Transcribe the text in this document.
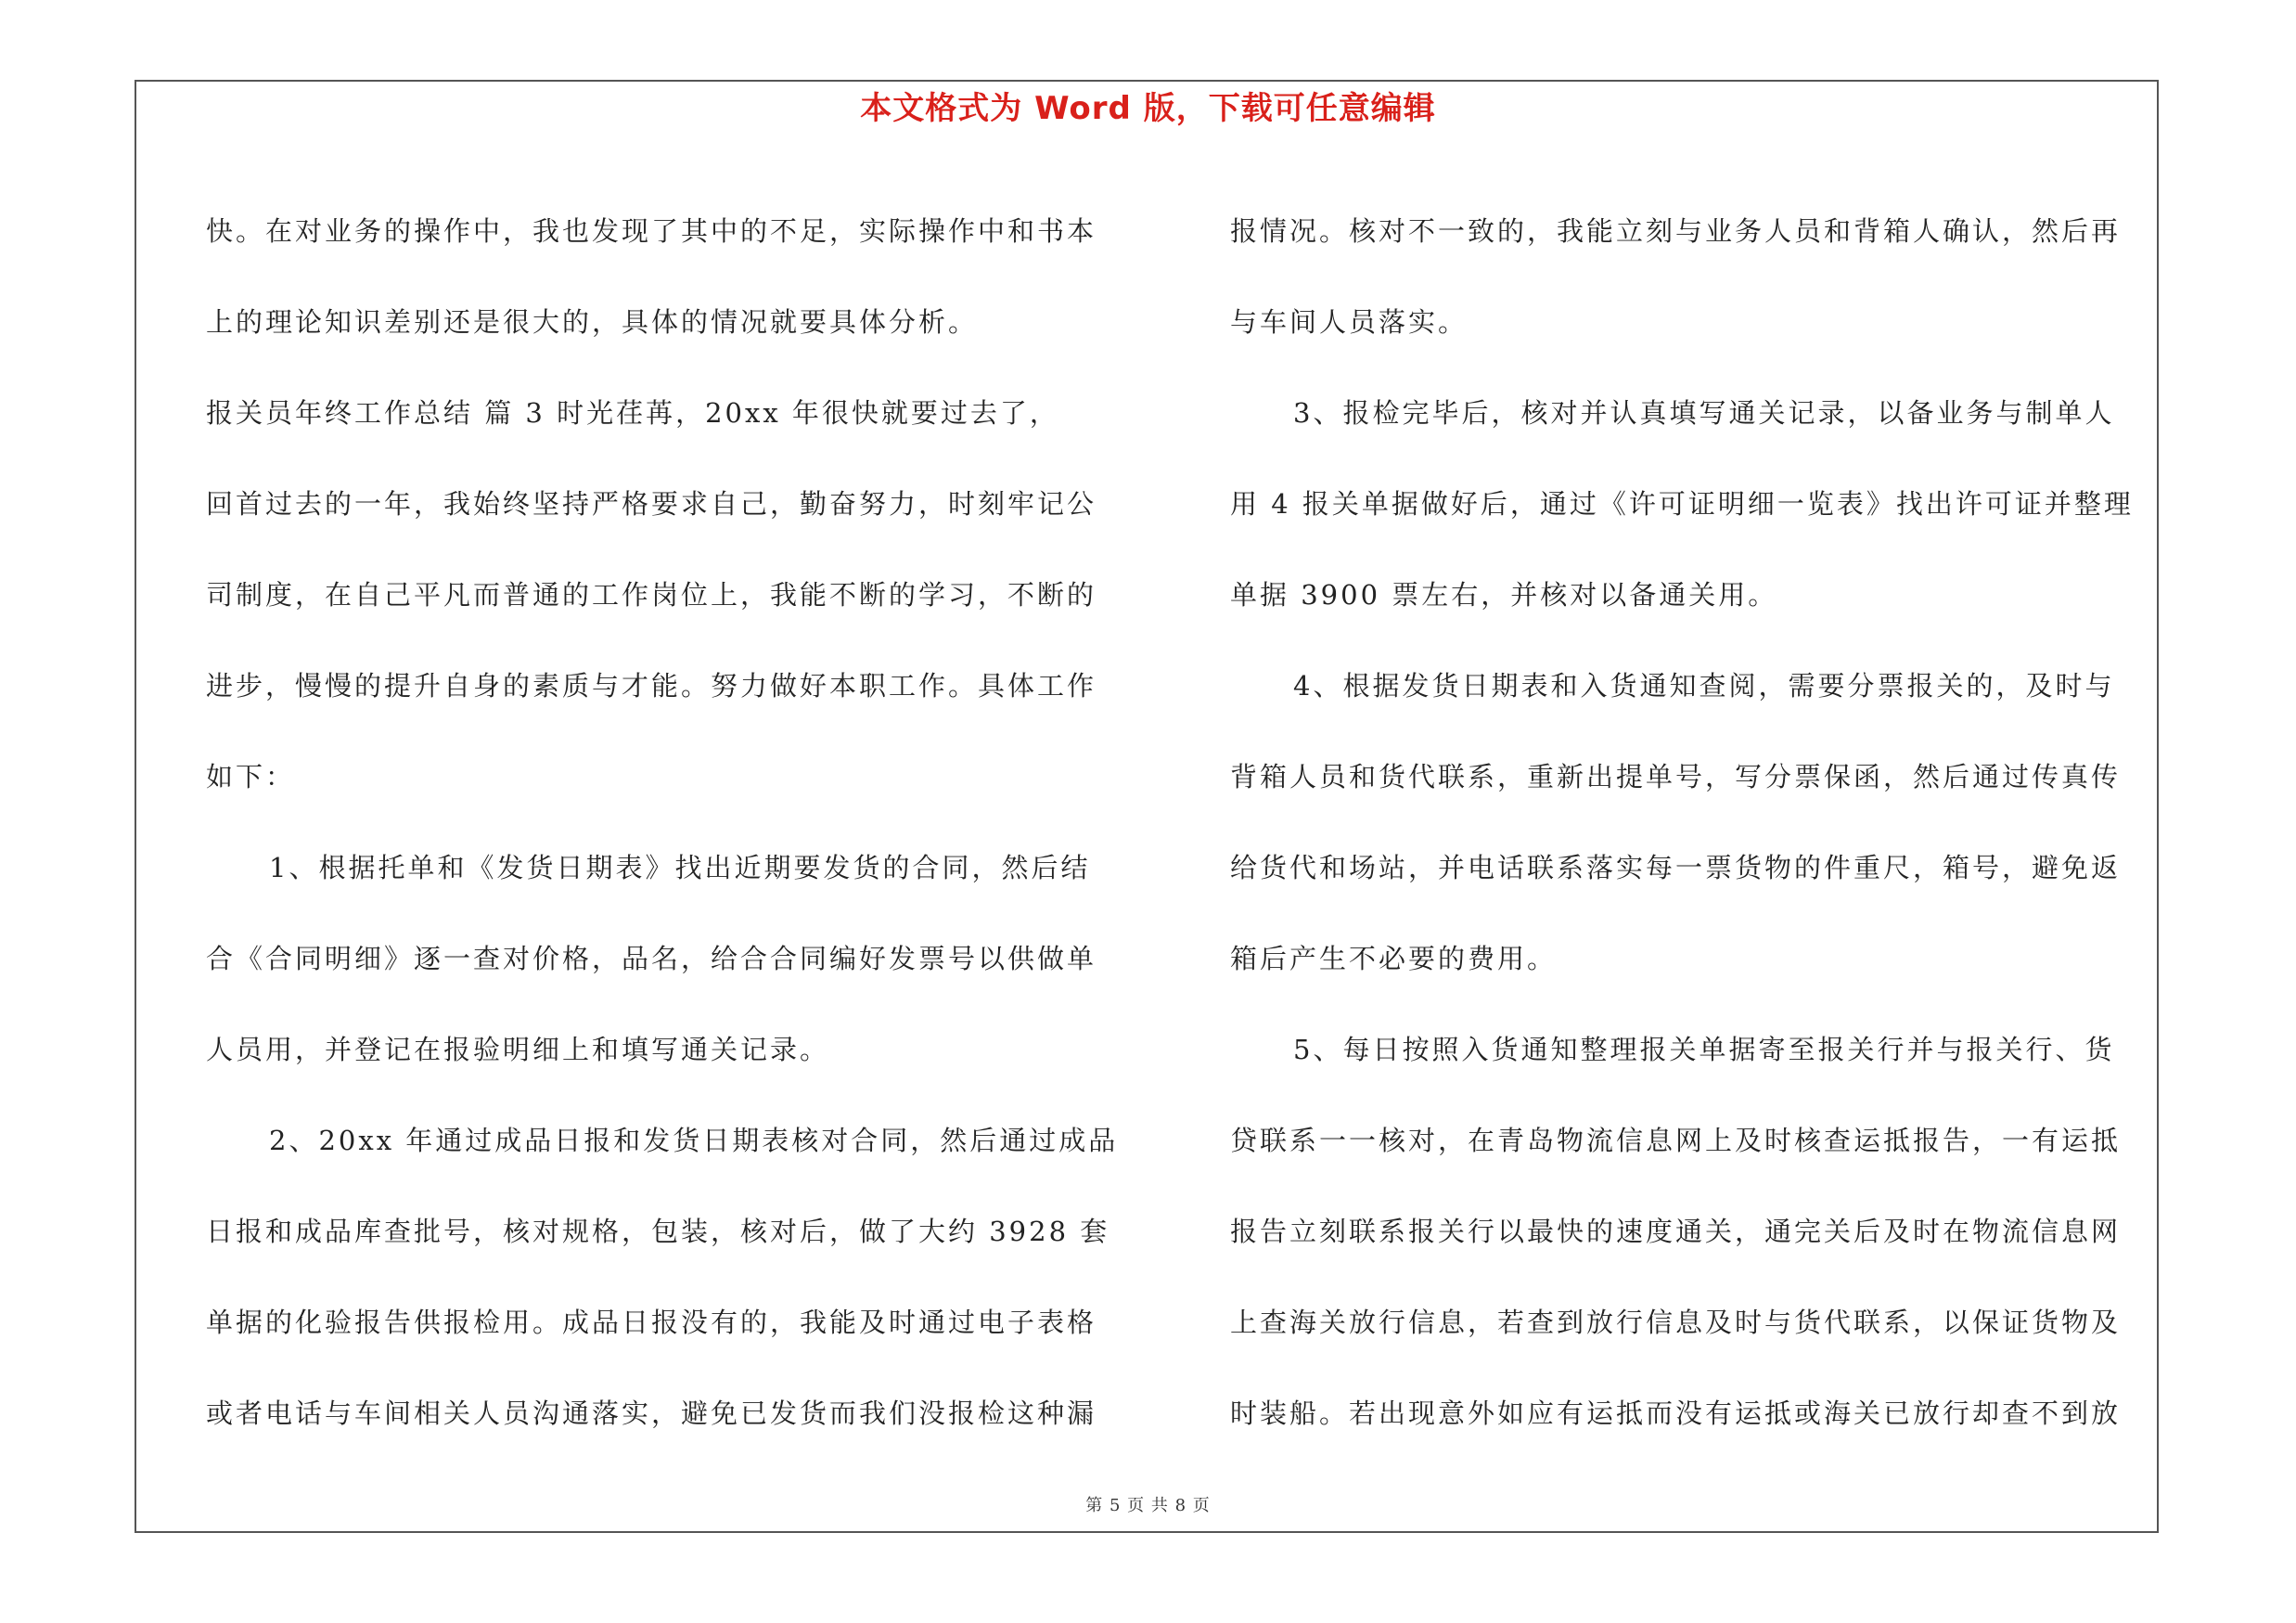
本文格式为 Word 版，下载可任意编辑
快。在对业务的操作中，我也发现了其中的不足，实际操作中和书本
上的理论知识差别还是很大的，具体的情况就要具体分析。
报关员年终工作总结 篇 3 时光荏苒，20xx 年很快就要过去了，
回首过去的一年，我始终坚持严格要求自己，勤奋努力，时刻牢记公
司制度，在自己平凡而普通的工作岗位上，我能不断的学习，不断的
进步，慢慢的提升自身的素质与才能。努力做好本职工作。具体工作
如下：
1、根据托单和《发货日期表》找出近期要发货的合同，然后结
合《合同明细》逐一查对价格，品名，给合合同编好发票号以供做单
人员用，并登记在报验明细上和填写通关记录。
2、20xx 年通过成品日报和发货日期表核对合同，然后通过成品
日报和成品库查批号，核对规格，包装，核对后，做了大约 3928 套
单据的化验报告供报检用。成品日报没有的，我能及时通过电子表格
或者电话与车间相关人员沟通落实，避免已发货而我们没报检这种漏
报情况。核对不一致的，我能立刻与业务人员和背箱人确认，然后再
与车间人员落实。
3、报检完毕后，核对并认真填写通关记录，以备业务与制单人
用 4 报关单据做好后，通过《许可证明细一览表》找出许可证并整理
单据 3900 票左右，并核对以备通关用。
4、根据发货日期表和入货通知查阅，需要分票报关的，及时与
背箱人员和货代联系，重新出提单号，写分票保函，然后通过传真传
给货代和场站，并电话联系落实每一票货物的件重尺，箱号，避免返
箱后产生不必要的费用。
5、每日按照入货通知整理报关单据寄至报关行并与报关行、货
贷联系一一核对，在青岛物流信息网上及时核查运抵报告，一有运抵
报告立刻联系报关行以最快的速度通关，通完关后及时在物流信息网
上查海关放行信息，若查到放行信息及时与货代联系，以保证货物及
时装船。若出现意外如应有运抵而没有运抵或海关已放行却查不到放
第 5 页 共 8 页
